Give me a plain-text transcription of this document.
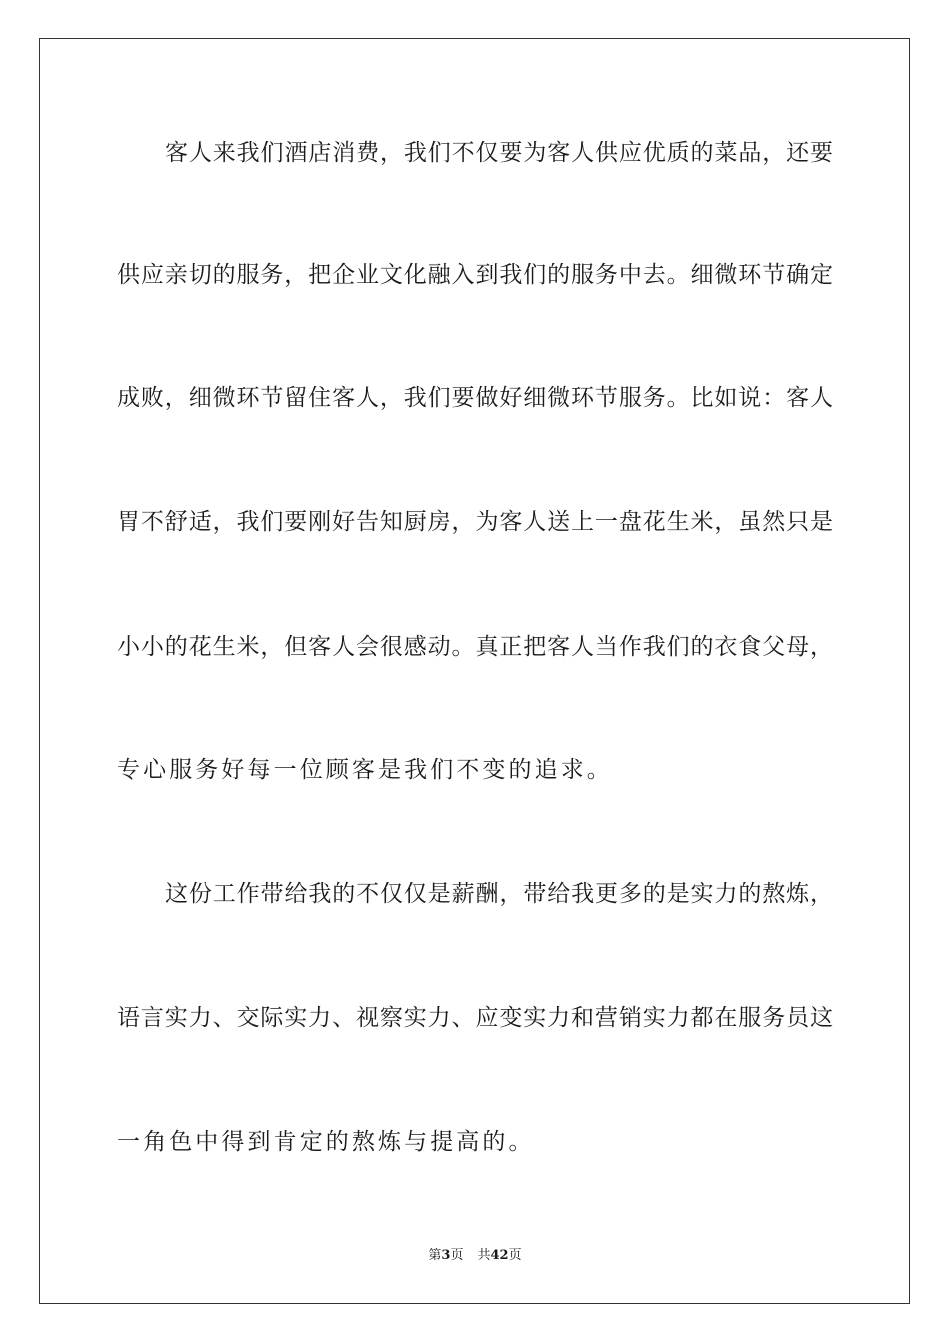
客人来我们酒店消费，我们不仅要为客人供应优质的菜品，还要
供应亲切的服务，把企业文化融入到我们的服务中去。细微环节确定
成败，细微环节留住客人，我们要做好细微环节服务。比如说：客人
胃不舒适，我们要刚好告知厨房，为客人送上一盘花生米，虽然只是
小小的花生米，但客人会很感动。真正把客人当作我们的衣食父母，
专心服务好每一位顾客是我们不变的追求。
这份工作带给我的不仅仅是薪酬，带给我更多的是实力的熬炼，
语言实力、交际实力、视察实力、应变实力和营销实力都在服务员这
一角色中得到肯定的熬炼与提高的。
第3页 共42页
